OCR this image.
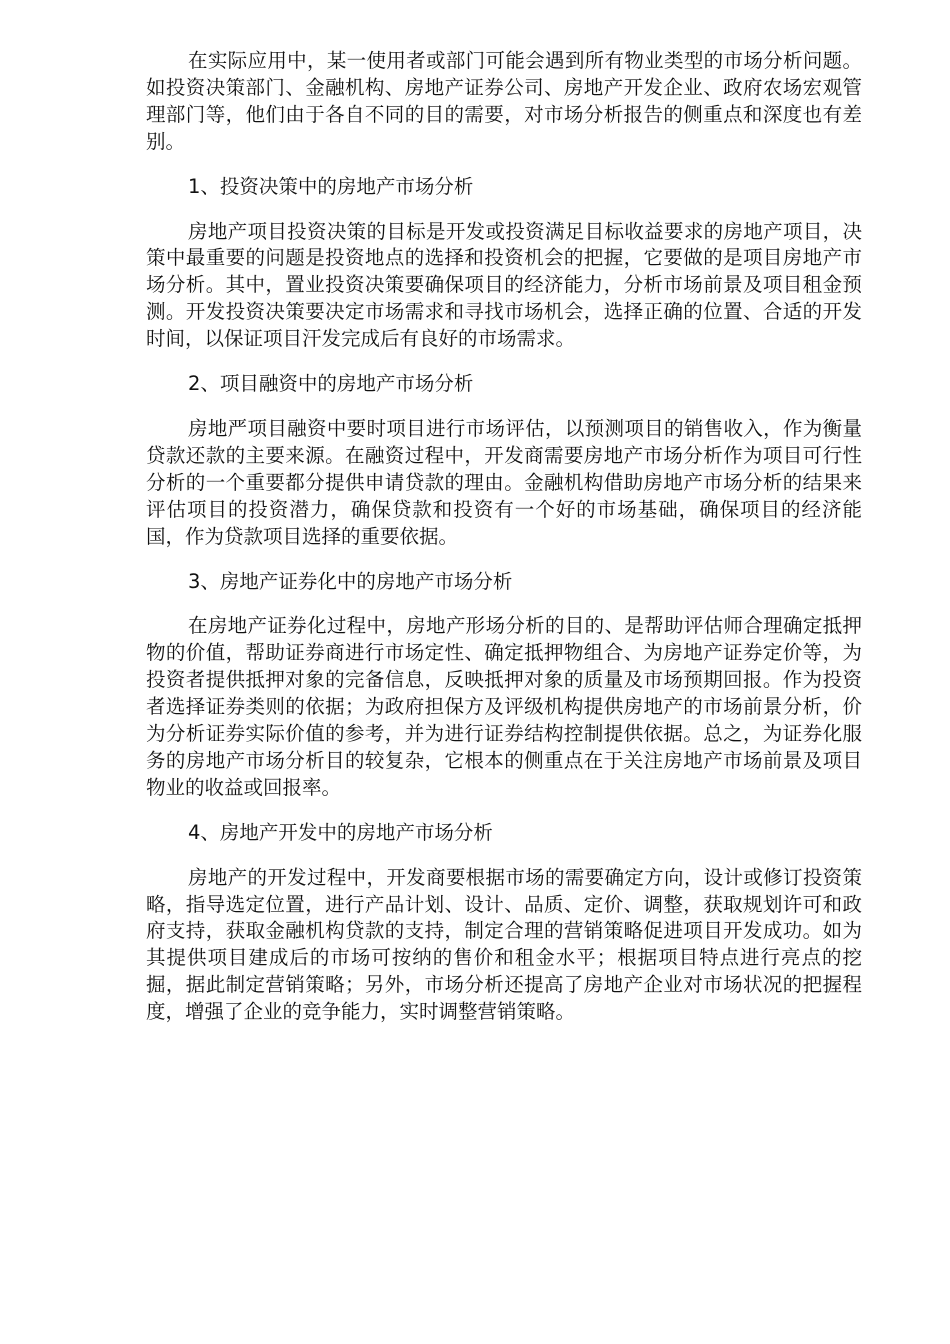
在实际应用中，某一使用者或部门可能会遇到所有物业类型的市场分析问题。如投资决策部门、金融机构、房地产证券公司、房地产开发企业、政府农场宏观管理部门等，他们由于各自不同的目的需要，对市场分析报告的侧重点和深度也有差别。

1、投资决策中的房地产市场分析

房地产项目投资决策的目标是开发或投资满足目标收益要求的房地产项目，决策中最重要的问题是投资地点的选择和投资机会的把握，它要做的是项目房地产市场分析。其中，置业投资决策要确保项目的经济能力，分析市场前景及项目租金预测。开发投资决策要决定市场需求和寻找市场机会，选择正确的位置、合适的开发时间，以保证项目汗发完成后有良好的市场需求。

2、项目融资中的房地产市场分析

房地严项目融资中要时项目进行市场评估，以预测项目的销售收入，作为衡量贷款还款的主要来源。在融资过程中，开发商需要房地产市场分析作为项目可行性分析的一个重要都分提供申请贷款的理由。金融机构借助房地产市场分析的结果来评估项目的投资潜力，确保贷款和投资有一个好的市场基础，确保项目的经济能国，作为贷款项目选择的重要依据。

3、房地产证券化中的房地产市场分析

在房地产证券化过程中，房地产形场分析的目的、是帮助评估师合理确定抵押物的价值，帮助证券商进行市场定性、确定抵押物组合、为房地产证券定价等，为投资者提供抵押对象的完备信息，反映抵押对象的质量及市场预期回报。作为投资者选择证券类则的依据；为政府担保方及评级机构提供房地产的市场前景分析，价为分析证券实际价值的参考，并为进行证券结构控制提供依据。总之，为证券化服务的房地产市场分析目的较复杂，它根本的侧重点在于关注房地产市场前景及项目物业的收益或回报率。

4、房地产开发中的房地产市场分析

房地产的开发过程中，开发商要根据市场的需要确定方向，设计或修订投资策略，指导选定位置，进行产品计划、设计、品质、定价、调整，获取规划许可和政府支持，获取金融机构贷款的支持，制定合理的营销策略促进项目开发成功。如为其提供项目建成后的市场可按纳的售价和租金水平；根据项目特点进行亮点的挖掘，据此制定营销策略；另外，市场分析还提高了房地产企业对市场状况的把握程度，增强了企业的竞争能力，实时调整营销策略。
